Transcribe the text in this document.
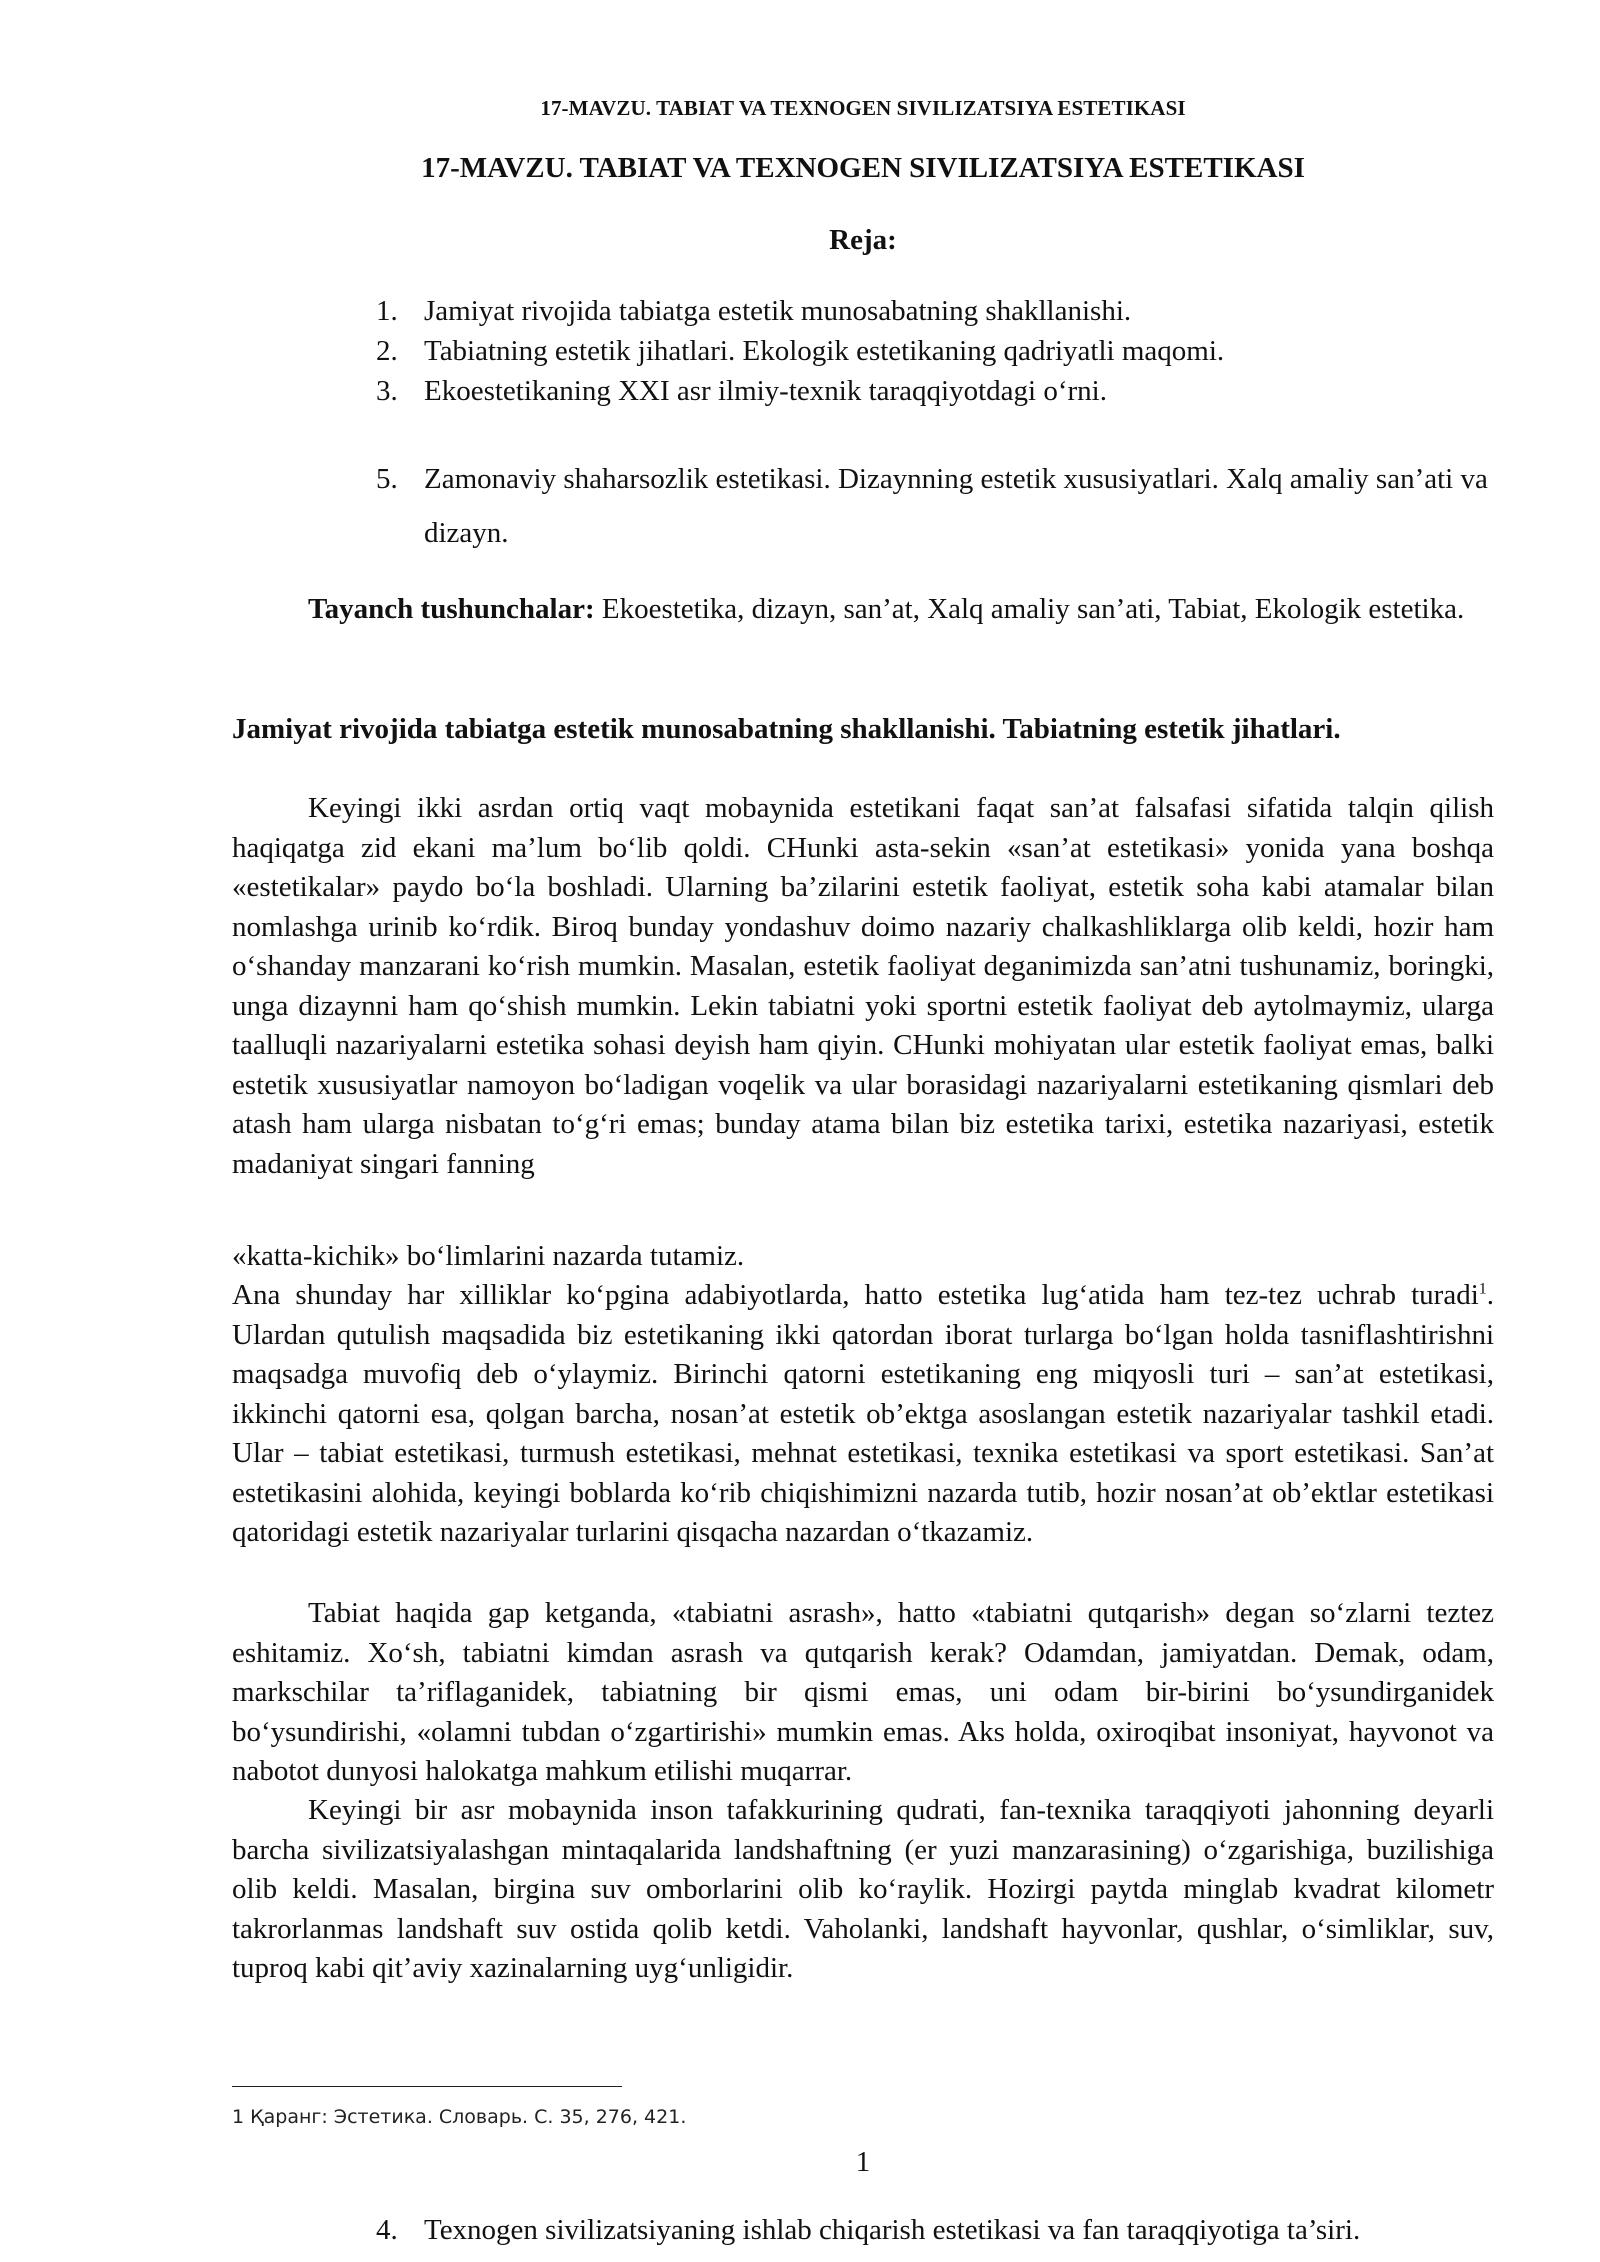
17-MAVZU. TABIAT VA TEXNOGEN SIVILIZATSIYA ESTETIKASI
17-MAVZU. TABIAT VA TEXNOGEN SIVILIZATSIYA ESTETIKASI
Reja:
1. Jamiyat rivojida tabiatga estetik munosabatning shakllanishi.
2. Tabiatning estetik jihatlari. Ekologik estetikaning qadriyatli maqomi.
3. Ekoestetikaning XXI asr ilmiy-texnik taraqqiyotdagi o‘rni.
4. Texnogen sivilizatsiyaning ishlab chiqarish estetikasi va fan taraqqiyotiga ta’siri.
5. Zamonaviy shaharsozlik estetikasi. Dizaynning estetik xususiyatlari. Xalq amaliy san’ati va dizayn.

Tayanch tushunchalar: Ekoestetika, dizayn, san’at, Xalq amaliy san’ati, Tabiat, Ekologik estetika.

Jamiyat rivojida tabiatga estetik munosabatning shakllanishi. Tabiatning estetik jihatlari.

Keyingi ikki asrdan ortiq vaqt mobaynida estetikani faqat san’at falsafasi sifatida talqin qilish haqiqatga zid ekani ma’lum bo‘lib qoldi. CHunki asta-sekin «san’at estetikasi» yonida yana boshqa «estetikalar» paydo bo‘la boshladi. Ularning ba’zilarini estetik faoliyat, estetik soha kabi atamalar bilan nomlashga urinib ko‘rdik. Biroq bunday yondashuv doimo nazariy chalkashliklarga olib keldi, hozir ham o‘shanday manzarani ko‘rish mumkin. Masalan, estetik faoliyat deganimizda san’atni tushunamiz, boringki, unga dizaynni ham qo‘shish mumkin. Lekin tabiatni yoki sportni estetik faoliyat deb aytolmaymiz, ularga taalluqli nazariyalarni estetika sohasi deyish ham qiyin. CHunki mohiyatan ular estetik faoliyat emas, balki estetik xususiyatlar namoyon bo‘ladigan voqelik va ular borasidagi nazariyalarni estetikaning qismlari deb atash ham ularga nisbatan to‘g‘ri emas; bunday atama bilan biz estetika tarixi, estetika nazariyasi, estetik madaniyat singari fanning

«katta-kichik» bo‘limlarini nazarda tutamiz.

Ana shunday har xilliklar ko‘pgina adabiyotlarda, hatto estetika lug‘atida ham tez-tez uchrab turadi$^1$. Ulardan qutulish maqsadida biz estetikaning ikki qatordan iborat turlarga bo‘lgan holda tasniflashtirishni maqsadga muvofiq deb o‘ylaymiz. Birinchi qatorni estetikaning eng miqyosli turi – san’at estetikasi, ikkinchi qatorni esa, qolgan barcha, nosan’at estetik ob’ektga asoslangan estetik nazariyalar tashkil etadi. Ular – tabiat estetikasi, turmush estetikasi, mehnat estetikasi, texnika estetikasi va sport estetikasi. San’at estetikasini alohida, keyingi boblarda ko‘rib chiqishimizni nazarda tutib, hozir nosan’at ob’ektlar estetikasi qatoridagi estetik nazariyalar turlarini qisqacha nazardan o‘tkazamiz.

Tabiat haqida gap ketganda, «tabiatni asrash», hatto «tabiatni qutqarish» degan so‘zlarni teztez eshitamiz. Xo‘sh, tabiatni kimdan asrash va qutqarish kerak? Odamdan, jamiyatdan. Demak, odam, markschilar ta’riflaganidek, tabiatning bir qismi emas, uni odam bir-birini bo‘ysundirganidek bo‘ysundirishi, «olamni tubdan o‘zgartirishi» mumkin emas. Aks holda, oxiroqibat insoniyat, hayvonot va nabotot dunyosi halokatga mahkum etilishi muqarrar.

Keyingi bir asr mobaynida inson tafakkurining qudrati, fan-texnika taraqqiyoti jahonning deyarli barcha sivilizatsiyalashgan mintaqalarida landshaftning (er yuzi manzarasining) o‘zgarishiga, buzilishiga olib keldi. Masalan, birgina suv omborlarini olib ko‘raylik. Hozirgi paytda minglab kvadrat kilometr takrorlanmas landshaft suv ostida qolib ketdi. Vaholanki, landshaft hayvonlar, qushlar, o‘simliklar, suv, tuproq kabi qit’aviy xazinalarning uyg‘unligidir.

1 Қаранг: Эстетика. Словарь. С. 35, 276, 421.
1
